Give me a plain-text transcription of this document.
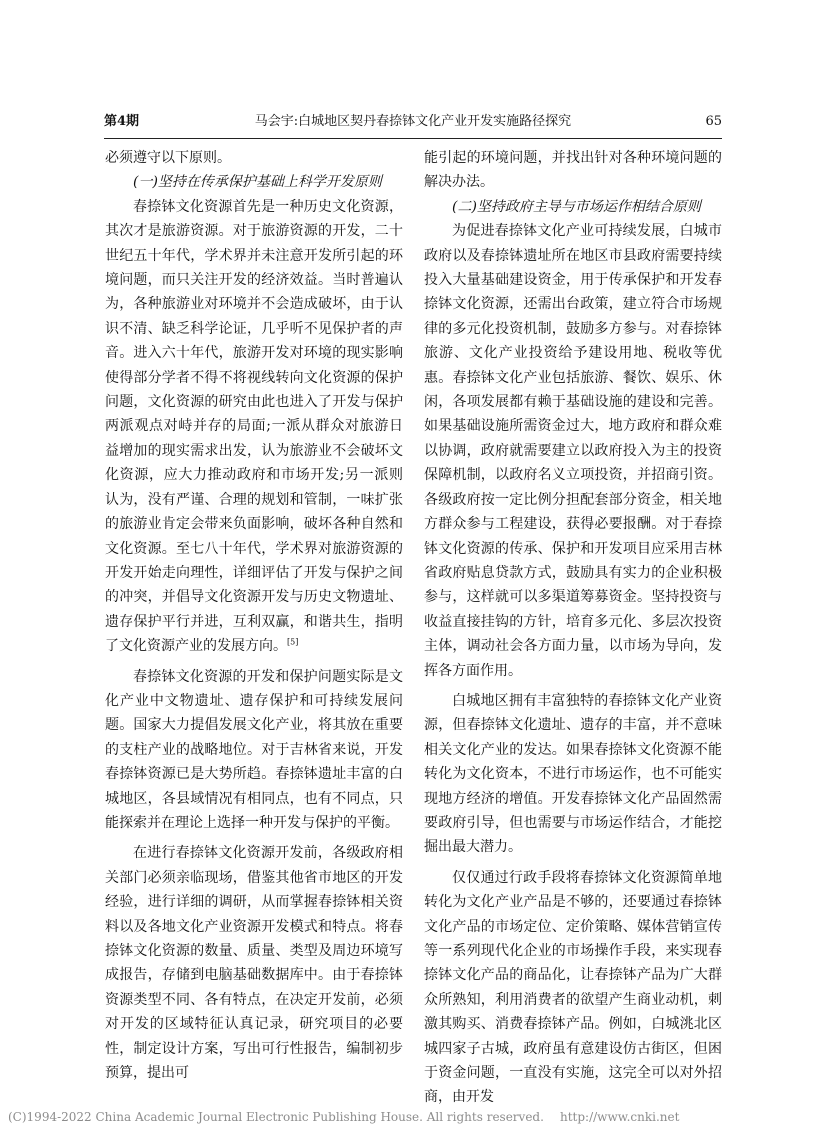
第4期	马会宇:白城地区契丹春捺钵文化产业开发实施路径探究	65

必须遵守以下原则。

(一)坚持在传承保护基础上科学开发原则

春捺钵文化资源首先是一种历史文化资源，其次才是旅游资源。对于旅游资源的开发，二十世纪五十年代，学术界并未注意开发所引起的环境问题，而只关注开发的经济效益。当时普遍认为，各种旅游业对环境并不会造成破坏，由于认识不清、缺乏科学论证，几乎听不见保护者的声音。进入六十年代，旅游开发对环境的现实影响使得部分学者不得不将视线转向文化资源的保护问题，文化资源的研究由此也进入了开发与保护两派观点对峙并存的局面;一派从群众对旅游日益增加的现实需求出发，认为旅游业不会破坏文化资源，应大力推动政府和市场开发;另一派则认为，没有严谨、合理的规划和管制，一味扩张的旅游业肯定会带来负面影响，破坏各种自然和文化资源。至七八十年代，学术界对旅游资源的开发开始走向理性，详细评估了开发与保护之间的冲突，并倡导文化资源开发与历史文物遗址、遗存保护平行并进，互利双赢，和谐共生，指明了文化资源产业的发展方向。[5]

春捺钵文化资源的开发和保护问题实际是文化产业中文物遗址、遗存保护和可持续发展问题。国家大力提倡发展文化产业，将其放在重要的支柱产业的战略地位。对于吉林省来说，开发春捺钵资源已是大势所趋。春捺钵遗址丰富的白城地区，各县域情况有相同点，也有不同点，只能探索并在理论上选择一种开发与保护的平衡。

在进行春捺钵文化资源开发前，各级政府相关部门必须亲临现场，借鉴其他省市地区的开发经验，进行详细的调研，从而掌握春捺钵相关资料以及各地文化产业资源开发模式和特点。将春捺钵文化资源的数量、质量、类型及周边环境写成报告，存储到电脑基础数据库中。由于春捺钵资源类型不同、各有特点，在决定开发前，必须对开发的区域特征认真记录，研究项目的必要性，制定设计方案，写出可行性报告，编制初步预算，提出可

能引起的环境问题，并找出针对各种环境问题的解决办法。

(二)坚持政府主导与市场运作相结合原则

为促进春捺钵文化产业可持续发展，白城市政府以及春捺钵遗址所在地区市县政府需要持续投入大量基础建设资金，用于传承保护和开发春捺钵文化资源，还需出台政策，建立符合市场规律的多元化投资机制，鼓励多方参与。对春捺钵旅游、文化产业投资给予建设用地、税收等优惠。春捺钵文化产业包括旅游、餐饮、娱乐、休闲，各项发展都有赖于基础设施的建设和完善。如果基础设施所需资金过大，地方政府和群众难以协调，政府就需要建立以政府投入为主的投资保障机制，以政府名义立项投资，并招商引资。各级政府按一定比例分担配套部分资金，相关地方群众参与工程建设，获得必要报酬。对于春捺钵文化资源的传承、保护和开发项目应采用吉林省政府贴息贷款方式，鼓励具有实力的企业积极参与，这样就可以多渠道筹募资金。坚持投资与收益直接挂钩的方针，培育多元化、多层次投资主体，调动社会各方面力量，以市场为导向，发挥各方面作用。

白城地区拥有丰富独特的春捺钵文化产业资源，但春捺钵文化遗址、遗存的丰富，并不意味相关文化产业的发达。如果春捺钵文化资源不能转化为文化资本，不进行市场运作，也不可能实现地方经济的增值。开发春捺钵文化产品固然需要政府引导，但也需要与市场运作结合，才能挖掘出最大潜力。

仅仅通过行政手段将春捺钵文化资源简单地转化为文化产业产品是不够的，还要通过春捺钵文化产品的市场定位、定价策略、媒体营销宣传等一系列现代化企业的市场操作手段，来实现春捺钵文化产品的商品化，让春捺钵产品为广大群众所熟知，利用消费者的欲望产生商业动机，刺激其购买、消费春捺钵产品。例如，白城洮北区城四家子古城，政府虽有意建设仿古街区，但困于资金问题，一直没有实施，这完全可以对外招商，由开发

(C)1994-2022 China Academic Journal Electronic Publishing House. All rights reserved. http://www.cnki.net
